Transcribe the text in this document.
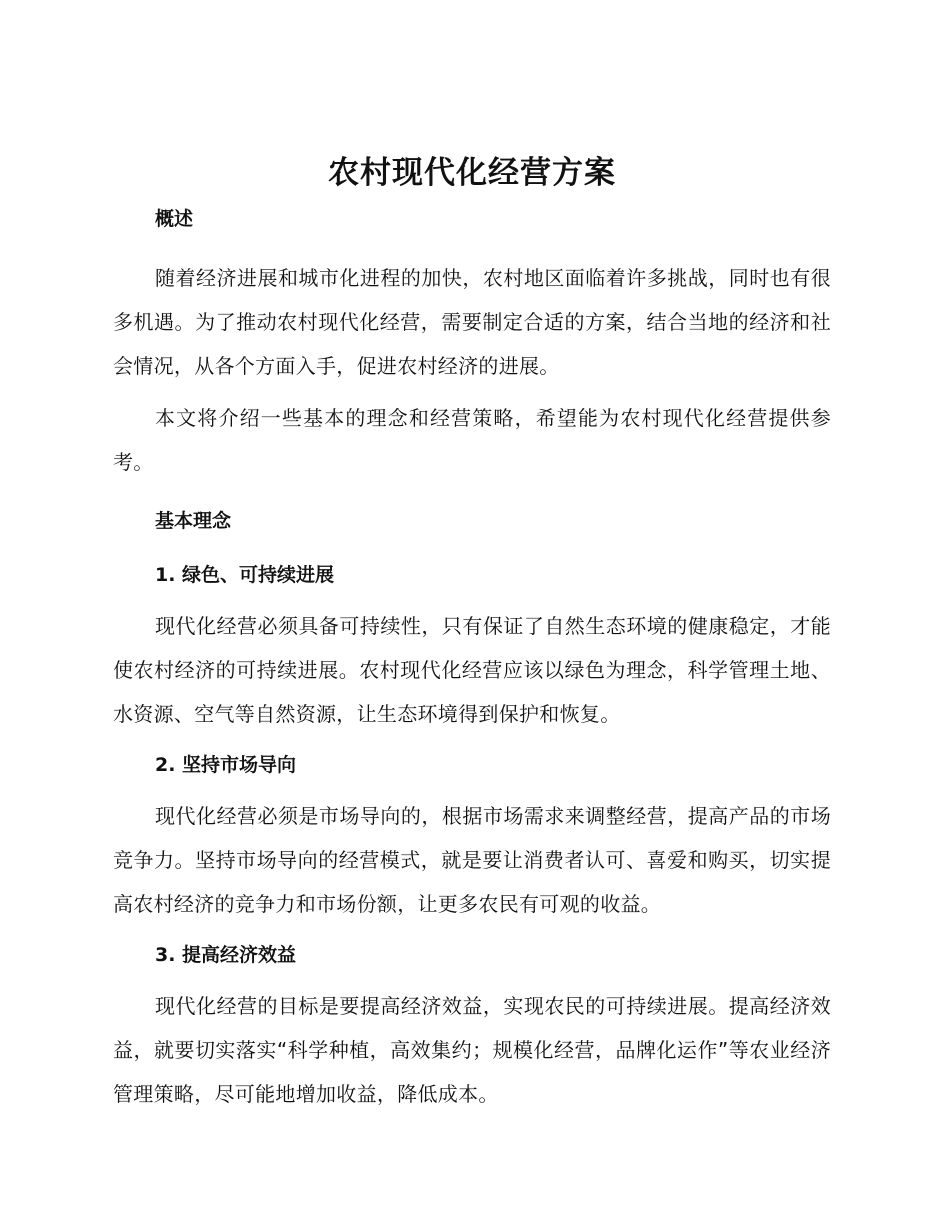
农村现代化经营方案

概述

随着经济进展和城市化进程的加快，农村地区面临着许多挑战，同时也有很多机遇。为了推动农村现代化经营，需要制定合适的方案，结合当地的经济和社会情况，从各个方面入手，促进农村经济的进展。

本文将介绍一些基本的理念和经营策略，希望能为农村现代化经营提供参考。

基本理念

1. 绿色、可持续进展

现代化经营必须具备可持续性，只有保证了自然生态环境的健康稳定，才能使农村经济的可持续进展。农村现代化经营应该以绿色为理念，科学管理土地、水资源、空气等自然资源，让生态环境得到保护和恢复。

2. 坚持市场导向

现代化经营必须是市场导向的，根据市场需求来调整经营，提高产品的市场竞争力。坚持市场导向的经营模式，就是要让消费者认可、喜爱和购买，切实提高农村经济的竞争力和市场份额，让更多农民有可观的收益。

3. 提高经济效益

现代化经营的目标是要提高经济效益，实现农民的可持续进展。提高经济效益，就要切实落实“科学种植，高效集约；规模化经营，品牌化运作”等农业经济管理策略，尽可能地增加收益，降低成本。
